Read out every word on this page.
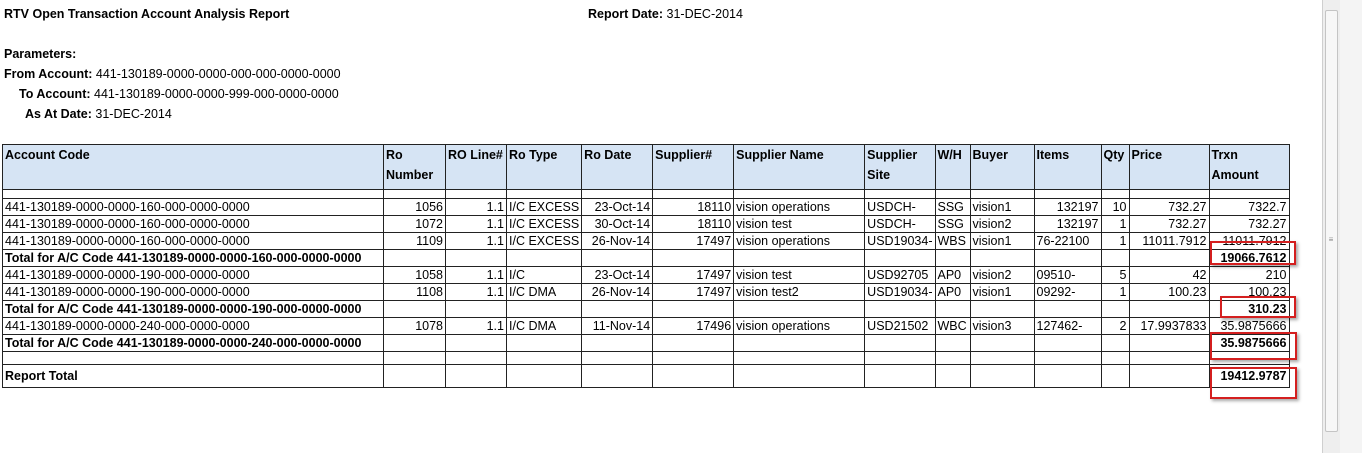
RTV Open Transaction Account Analysis Report	Report Date: 31-DEC-2014
Parameters:
From Account: 441-130189-0000-0000-000-000-0000-0000
To Account: 441-130189-0000-0000-999-000-0000-0000
As At Date: 31-DEC-2014
Account Code	Ro Number	RO Line#	Ro Type	Ro Date	Supplier#	Supplier Name	Supplier Site	W/H	Buyer	Items	Qty	Price	Trxn Amount

441-130189-0000-0000-160-000-0000-0000	1056	1.1	I/C EXCESS	23-Oct-14	18110	vision operations	USDCH-	SSG	vision1	132197	10	732.27	7322.7
441-130189-0000-0000-160-000-0000-0000	1072	1.1	I/C EXCESS	30-Oct-14	18110	vision test	USDCH-	SSG	vision2	132197	1	732.27	732.27
441-130189-0000-0000-160-000-0000-0000	1109	1.1	I/C EXCESS	26-Nov-14	17497	vision operations	USD19034-	WBS	vision1	76-22100	1	11011.7912	11011.7912
Total for A/C Code 441-130189-0000-0000-160-000-0000-0000													19066.7612
441-130189-0000-0000-190-000-0000-0000	1058	1.1	I/C	23-Oct-14	17497	vision test	USD92705	AP0	vision2	09510-	5	42	210
441-130189-0000-0000-190-000-0000-0000	1108	1.1	I/C DMA	26-Nov-14	17497	vision test2	USD19034-	AP0	vision1	09292-	1	100.23	100.23
Total for A/C Code 441-130189-0000-0000-190-000-0000-0000													310.23
441-130189-0000-0000-240-000-0000-0000	1078	1.1	I/C DMA	11-Nov-14	17496	vision operations	USD21502	WBC	vision3	127462-	2	17.9937833	35.9875666
Total for A/C Code 441-130189-0000-0000-240-000-0000-0000													35.9875666

Report Total													19412.9787
≡
